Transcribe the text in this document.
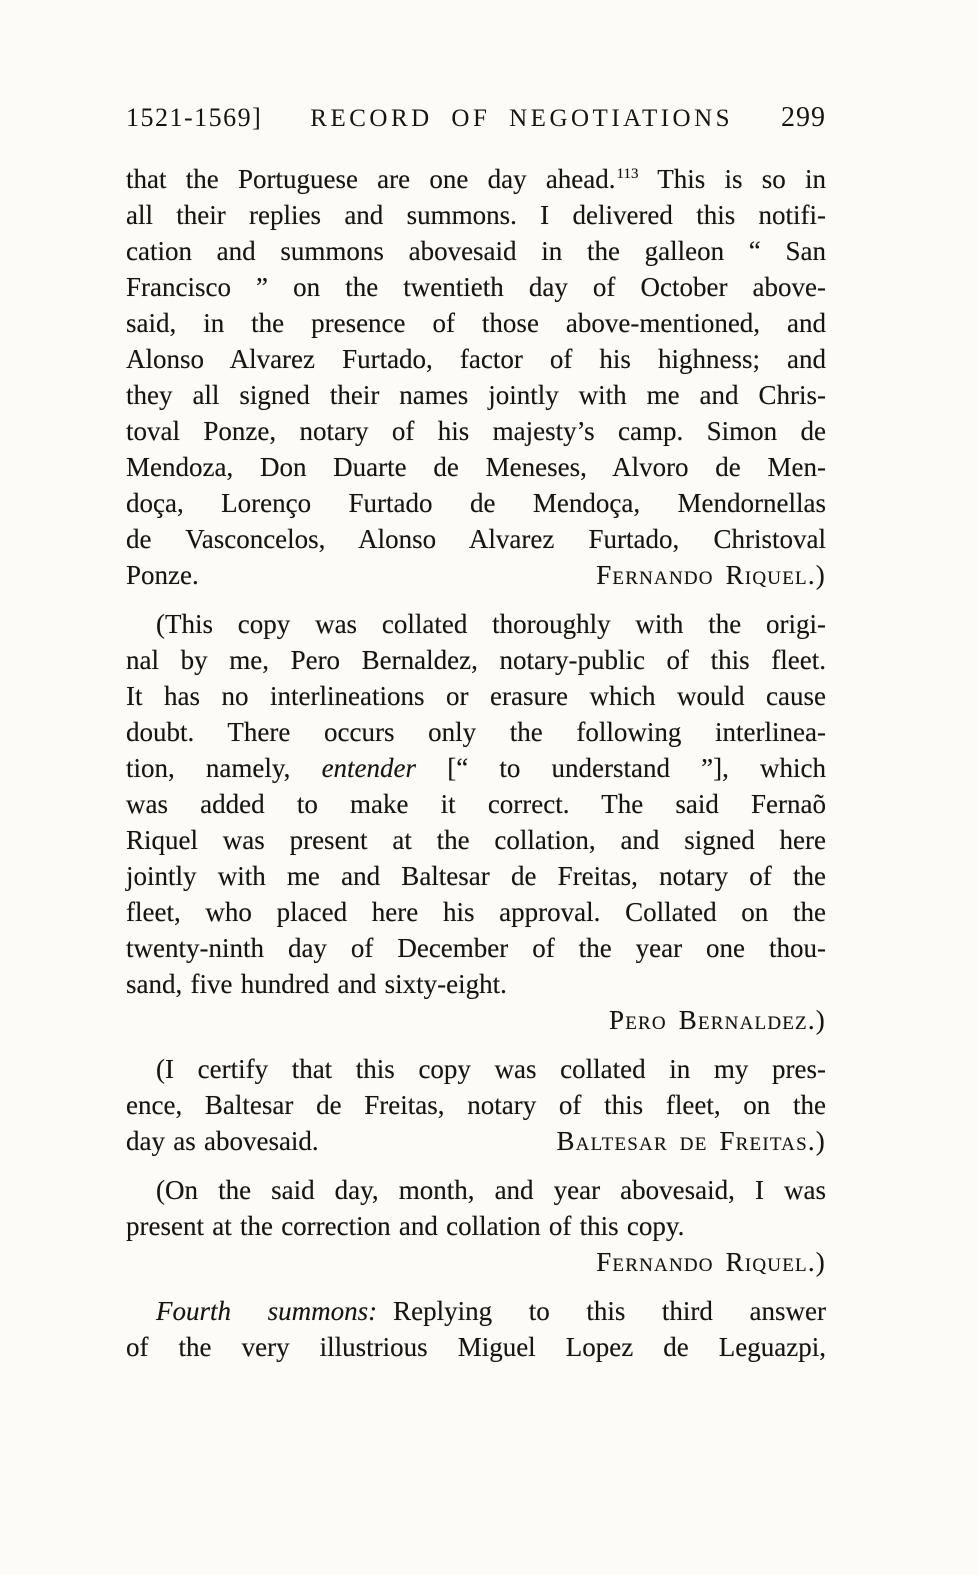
1521-1569] RECORD OF NEGOTIATIONS 299
that the Portuguese are one day ahead.$^{113}$ This is so in
all their replies and summons. I delivered this notifi-
cation and summons abovesaid in the galleon “ San
Francisco ” on the twentieth day of October above-
said, in the presence of those above-mentioned, and
Alonso Alvarez Furtado, factor of his highness; and
they all signed their names jointly with me and Chris-
toval Ponze, notary of his majesty’s camp. Simon de
Mendoza, Don Duarte de Meneses, Alvoro de Men-
doça, Lorenço Furtado de Mendoça, Mendornellas
de Vasconcelos, Alonso Alvarez Furtado, Christoval
Ponze.	Fernando Riquel.)
(This copy was collated thoroughly with the origi-
nal by me, Pero Bernaldez, notary-public of this fleet.
It has no interlineations or erasure which would cause
doubt. There occurs only the following interlinea-
tion, namely, entender [“ to understand ”], which
was added to make it correct. The said Fernaõ
Riquel was present at the collation, and signed here
jointly with me and Baltesar de Freitas, notary of the
fleet, who placed here his approval. Collated on the
twenty-ninth day of December of the year one thou-
sand, five hundred and sixty-eight.
Pero Bernaldez.)
(I certify that this copy was collated in my pres-
ence, Baltesar de Freitas, notary of this fleet, on the
day as abovesaid.	Baltesar de Freitas.)
(On the said day, month, and year abovesaid, I was
present at the correction and collation of this copy.
Fernando Riquel.)
Fourth summons: Replying to this third answer
of the very illustrious Miguel Lopez de Leguazpi,
